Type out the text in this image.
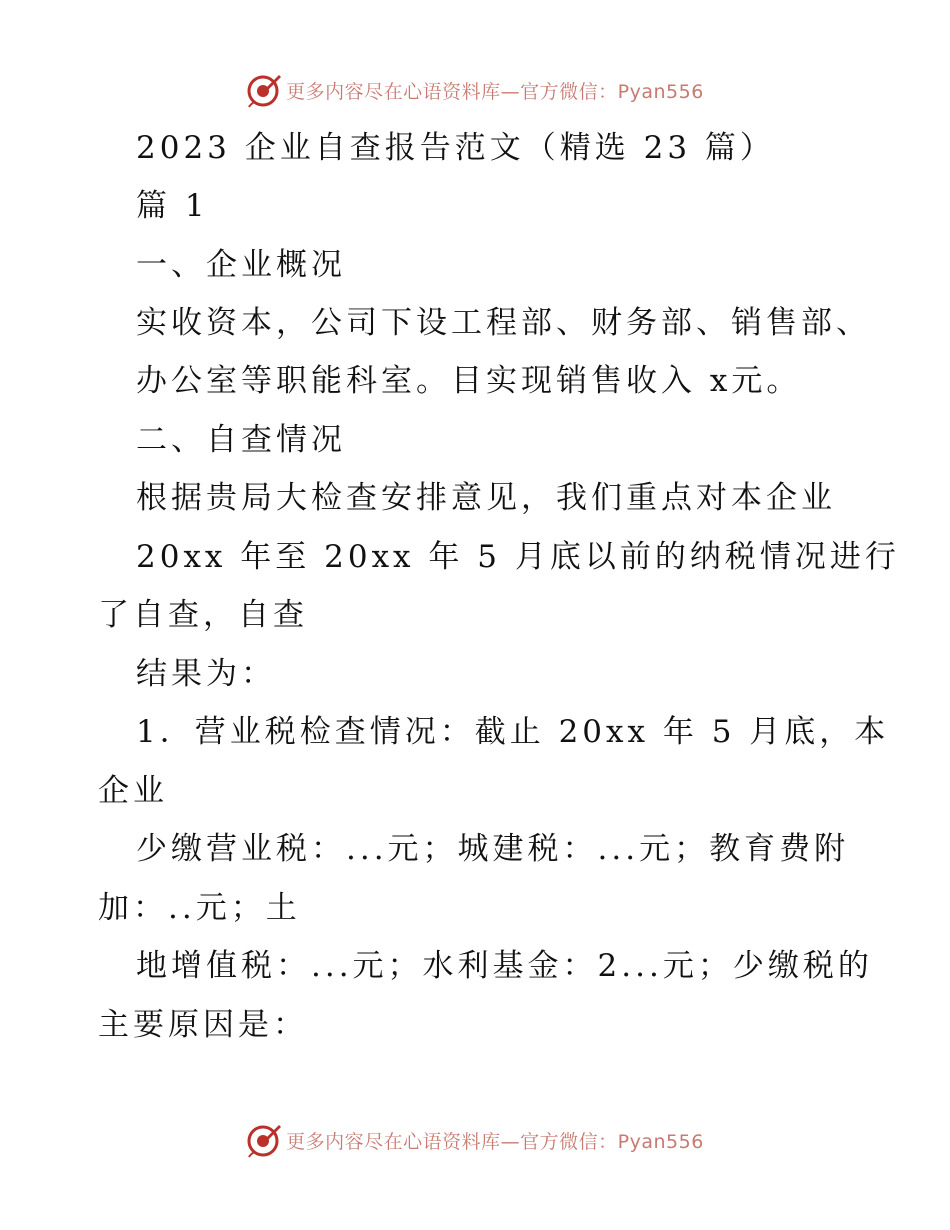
更多内容尽在心语资料库—官方微信：Pyan556
2023 企业自查报告范文（精选 23 篇）
篇 1
一、企业概况
实收资本，公司下设工程部、财务部、销售部、
办公室等职能科室。目实现销售收入 x元。
二、自查情况
根据贵局大检查安排意见，我们重点对本企业
20xx 年至 20xx 年 5 月底以前的纳税情况进行
了自查，自查
结果为：
1．营业税检查情况：截止 20xx 年 5 月底，本
企业
少缴营业税：...元；城建税：...元；教育费附
加：..元；土
地增值税：...元；水利基金：2...元；少缴税的
主要原因是：
更多内容尽在心语资料库—官方微信：Pyan556
